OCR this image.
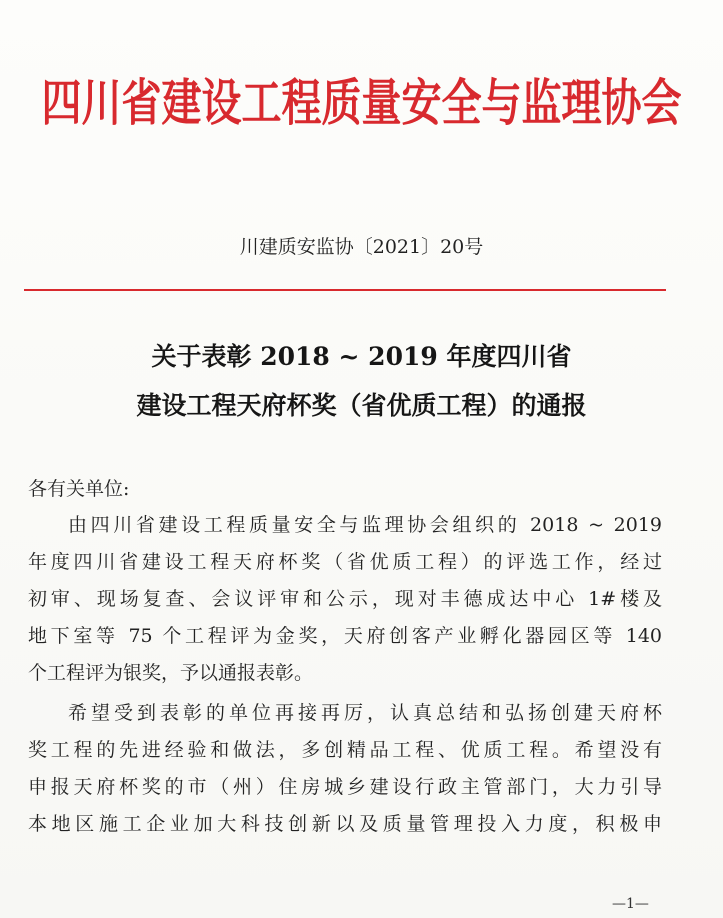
四川省建设工程质量安全与监理协会
川建质安监协〔2021〕20号
关于表彰 2018 ~ 2019 年度四川省
建设工程天府杯奖（省优质工程）的通报
各有关单位:
由四川省建设工程质量安全与监理协会组织的 2018 ~ 2019
年度四川省建设工程天府杯奖（省优质工程）的评选工作，经过
初审、现场复查、会议评审和公示，现对丰德成达中心 1#楼及
地下室等 75 个工程评为金奖，天府创客产业孵化器园区等 140
个工程评为银奖，予以通报表彰。
希望受到表彰的单位再接再厉，认真总结和弘扬创建天府杯
奖工程的先进经验和做法，多创精品工程、优质工程。希望没有
申报天府杯奖的市（州）住房城乡建设行政主管部门，大力引导
本地区施工企业加大科技创新以及质量管理投入力度，积极申
—1—
